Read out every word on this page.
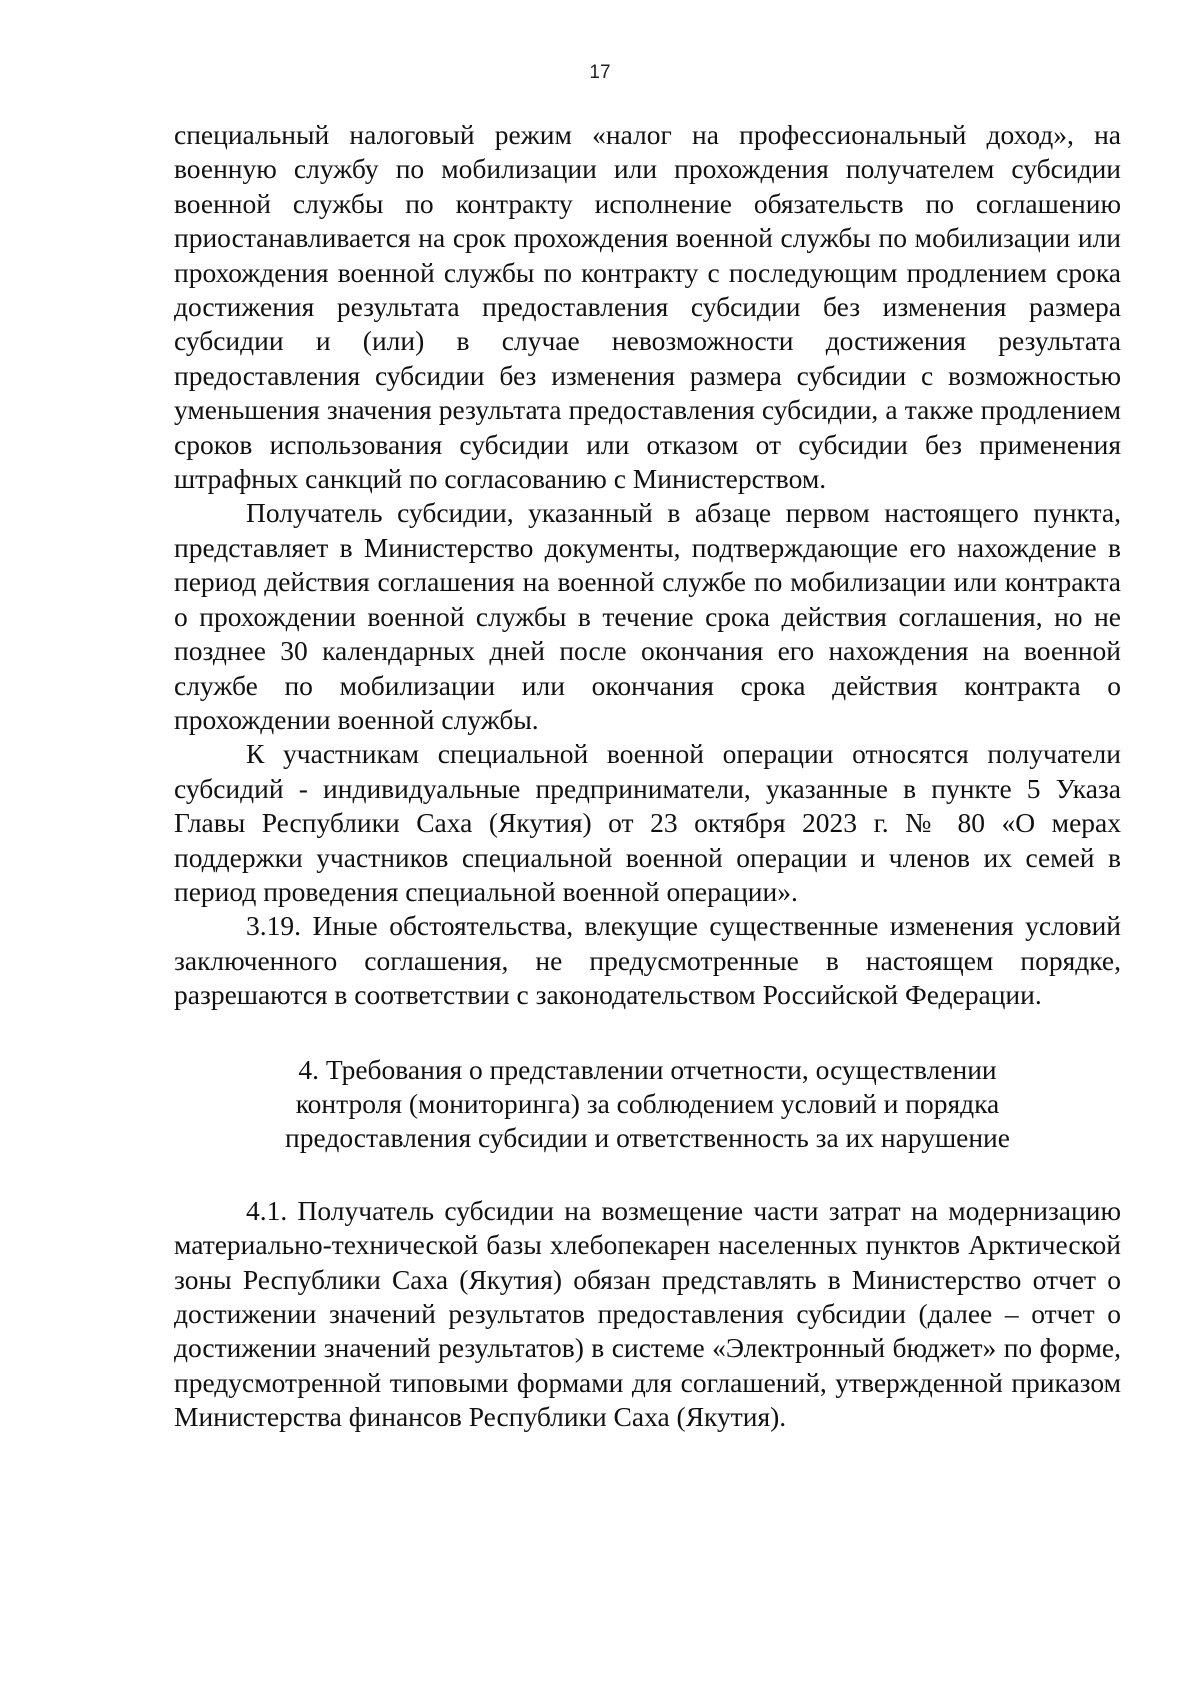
17

специальный налоговый режим «налог на профессиональный доход», на военную службу по мобилизации или прохождения получателем субсидии военной службы по контракту исполнение обязательств по соглашению приостанавливается на срок прохождения военной службы по мобилизации или прохождения военной службы по контракту с последующим продлением срока достижения результата предоставления субсидии без изменения размера субсидии и (или) в случае невозможности достижения результата предоставления субсидии без изменения размера субсидии с возможностью уменьшения значения результата предоставления субсидии, а также продлением сроков использования субсидии или отказом от субсидии без применения штрафных санкций по согласованию с Министерством.

Получатель субсидии, указанный в абзаце первом настоящего пункта, представляет в Министерство документы, подтверждающие его нахождение в период действия соглашения на военной службе по мобилизации или контракта о прохождении военной службы в течение срока действия соглашения, но не позднее 30 календарных дней после окончания его нахождения на военной службе по мобилизации или окончания срока действия контракта о прохождении военной службы.

К участникам специальной военной операции относятся получатели субсидий - индивидуальные предприниматели, указанные в пункте 5 Указа Главы Республики Саха (Якутия) от 23 октября 2023 г. № 80 «О мерах поддержки участников специальной военной операции и членов их семей в период проведения специальной военной операции».

3.19. Иные обстоятельства, влекущие существенные изменения условий заключенного соглашения, не предусмотренные в настоящем порядке, разрешаются в соответствии с законодательством Российской Федерации.

4. Требования о представлении отчетности, осуществлении
контроля (мониторинга) за соблюдением условий и порядка
предоставления субсидии и ответственность за их нарушение

4.1. Получатель субсидии на возмещение части затрат на модернизацию материально-технической базы хлебопекарен населенных пунктов Арктической зоны Республики Саха (Якутия) обязан представлять в Министерство отчет о достижении значений результатов предоставления субсидии (далее – отчет о достижении значений результатов) в системе «Электронный бюджет» по форме, предусмотренной типовыми формами для соглашений, утвержденной приказом Министерства финансов Республики Саха (Якутия).
